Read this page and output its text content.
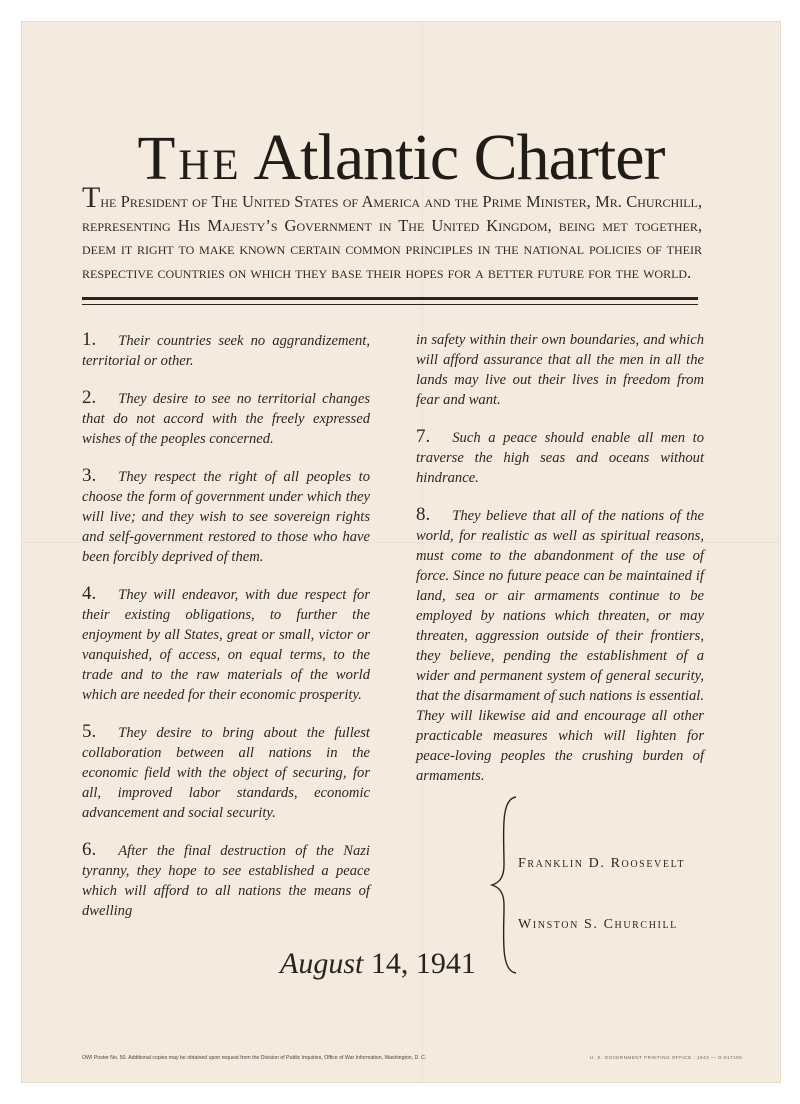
The Atlantic Charter
The President of The United States of America and the Prime Minister, Mr. Churchill, representing His Majesty’s Government in The United Kingdom, being met together, deem it right to make known certain common principles in the national policies of their respective countries on which they base their hopes for a better future for the world.

1. Their countries seek no aggrandizement, territorial or other.

2. They desire to see no territorial changes that do not accord with the freely expressed wishes of the peoples concerned.

3. They respect the right of all peoples to choose the form of government under which they will live; and they wish to see sovereign rights and self-government restored to those who have been forcibly deprived of them.

4. They will endeavor, with due respect for their existing obligations, to further the enjoyment by all States, great or small, victor or vanquished, of access, on equal terms, to the trade and to the raw materials of the world which are needed for their economic prosperity.

5. They desire to bring about the fullest collaboration between all nations in the economic field with the object of securing, for all, improved labor standards, economic advancement and social security.

6. After the final destruction of the Nazi tyranny, they hope to see established a peace which will afford to all nations the means of dwelling

in safety within their own boundaries, and which will afford assurance that all the men in all the lands may live out their lives in freedom from fear and want.

7. Such a peace should enable all men to traverse the high seas and oceans without hindrance.

8. They believe that all of the nations of the world, for realistic as well as spiritual reasons, must come to the abandonment of the use of force. Since no future peace can be maintained if land, sea or air armaments continue to be employed by nations which threaten, or may threaten, aggression outside of their frontiers, they believe, pending the establishment of a wider and permanent system of general security, that the disarmament of such nations is essential. They will likewise aid and encourage all other practicable measures which will lighten for peace-loving peoples the crushing burden of armaments.

Franklin D. Roosevelt
Winston S. Churchill
August 14, 1941
OWI Poster No. 50. Additional copies may be obtained upon request from the Division of Public Inquiries, Office of War Information, Washington, D. C.	U. S. GOVERNMENT PRINTING OFFICE : 1943 — O-517155
